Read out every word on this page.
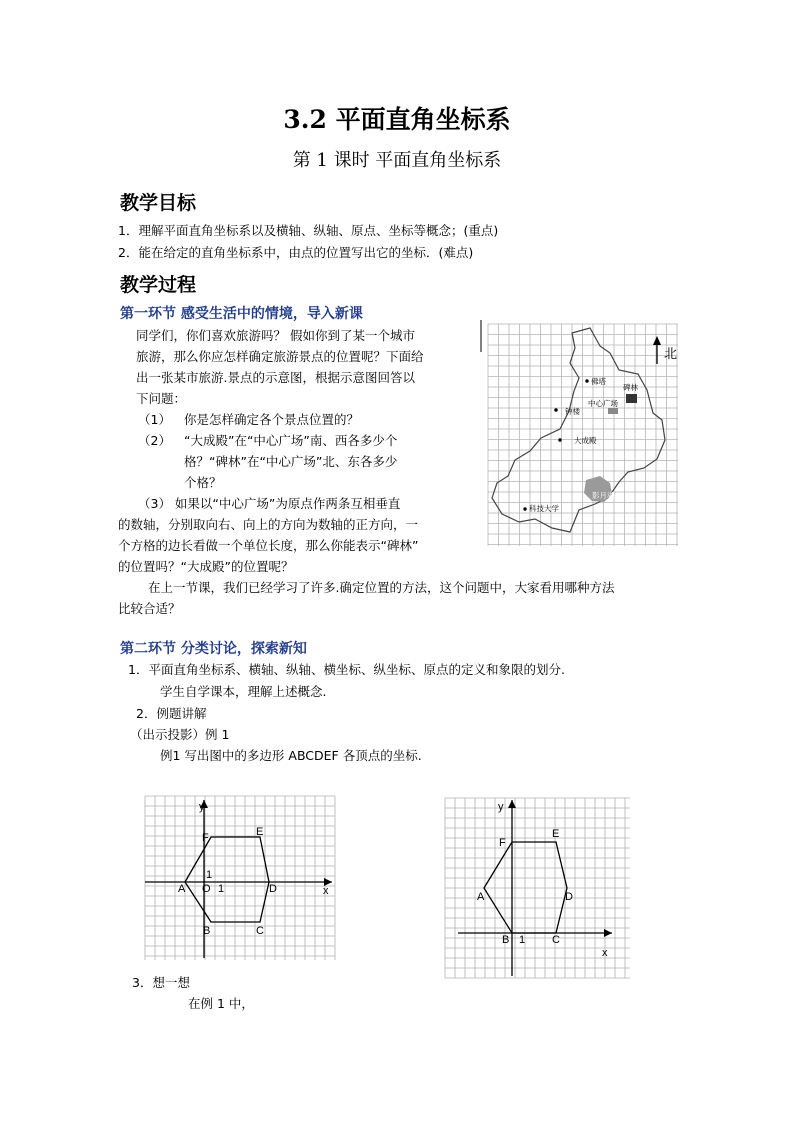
3.2 平面直角坐标系
第 1 课时 平面直角坐标系
教学目标
1．理解平面直角坐标系以及横轴、纵轴、原点、坐标等概念；(重点)
2．能在给定的直角坐标系中，由点的位置写出它的坐标．(难点)
教学过程
第一环节 感受生活中的情境，导入新课
同学们，你们喜欢旅游吗？ 假如你到了某一个城市
旅游，那么你应怎样确定旅游景点的位置呢？下面给
出一张某市旅游.景点的示意图，根据示意图回答以
下问题：
（1） 你是怎样确定各个景点位置的？
（2） “大成殿”在“中心广场”南、西各多少个
格？“碑林”在“中心广场”北、东各多少
个格？
（3） 如果以“中心广场”为原点作两条互相垂直
的数轴，分别取向右、向上的方向为数轴的正方向，一
个方格的边长看做一个单位长度，那么你能表示“碑林”
的位置吗？“大成殿”的位置呢？
在上一节课，我们已经学习了许多.确定位置的方法，这个问题中，大家看用哪种方法
比较合适？
北
佛塔
碑林
钟楼
中心广场
大成殿
影月湖
科技大学
第二环节 分类讨论，探索新知
1．平面直角坐标系、横轴、纵轴、横坐标、纵坐标、原点的定义和象限的划分.
学生自学课本，理解上述概念.
2．例题讲解
（出示投影）例 1
例1 写出图中的多边形 ABCDEF 各顶点的坐标.
y
x
O 1
1
A
B	C
D
E
F
y
x
1
A
B	C
D
E
F
3．想一想
在例 1 中，
